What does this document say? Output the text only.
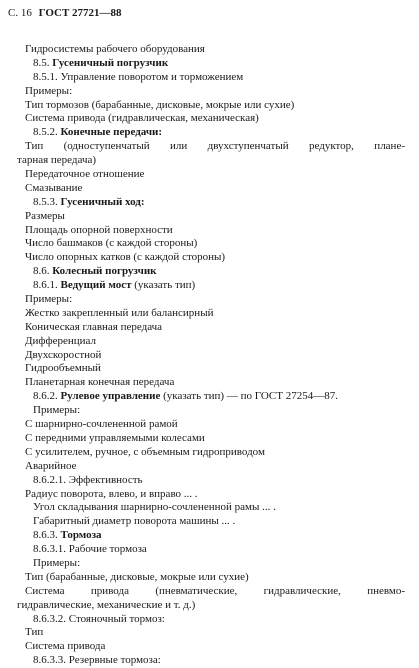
С. 16 ГОСТ 27721—88
Гидросистемы рабочего оборудования
8.5. Гусеничный погрузчик
8.5.1. Управление поворотом и торможением
Примеры:
Тип тормозов (барабанные, дисковые, мокрые или сухие)
Система привода (гидравлическая, механическая)
8.5.2. Конечные передачи:
Тип (одноступенчатый или двухступенчатый редуктор, плане-
тарная передача)
Передаточное отношение
Смазывание
8.5.3. Гусеничный ход:
Размеры
Площадь опорной поверхности
Число башмаков (с каждой стороны)
Число опорных катков (с каждой стороны)
8.6. Колесный погрузчик
8.6.1. Ведущий мост (указать тип)
Примеры:
Жестко закрепленный или балансирный
Коническая главная передача
Дифференциал
Двухскоростной
Гидрообъемный
Планетарная конечная передача
8.6.2. Рулевое управление (указать тип) — по ГОСТ 27254—87.
Примеры:
С шарнирно-сочлененной рамой
С передними управляемыми колесами
С усилителем, ручное, с объемным гидроприводом
Аварийное
8.6.2.1. Эффективность
Радиус поворота, влево, и вправо ... .
Угол складывания шарнирно-сочлененной рамы ... .
Габаритный диаметр поворота машины ... .
8.6.3. Тормоза
8.6.3.1. Рабочие тормоза
Примеры:
Тип (барабанные, дисковые, мокрые или сухие)
Система привода (пневматические, гидравлические, пневмо-
гидравлические, механические и т. д.)
8.6.3.2. Стояночный тормоз:
Тип
Система привода
8.6.3.3. Резервные тормоза:
